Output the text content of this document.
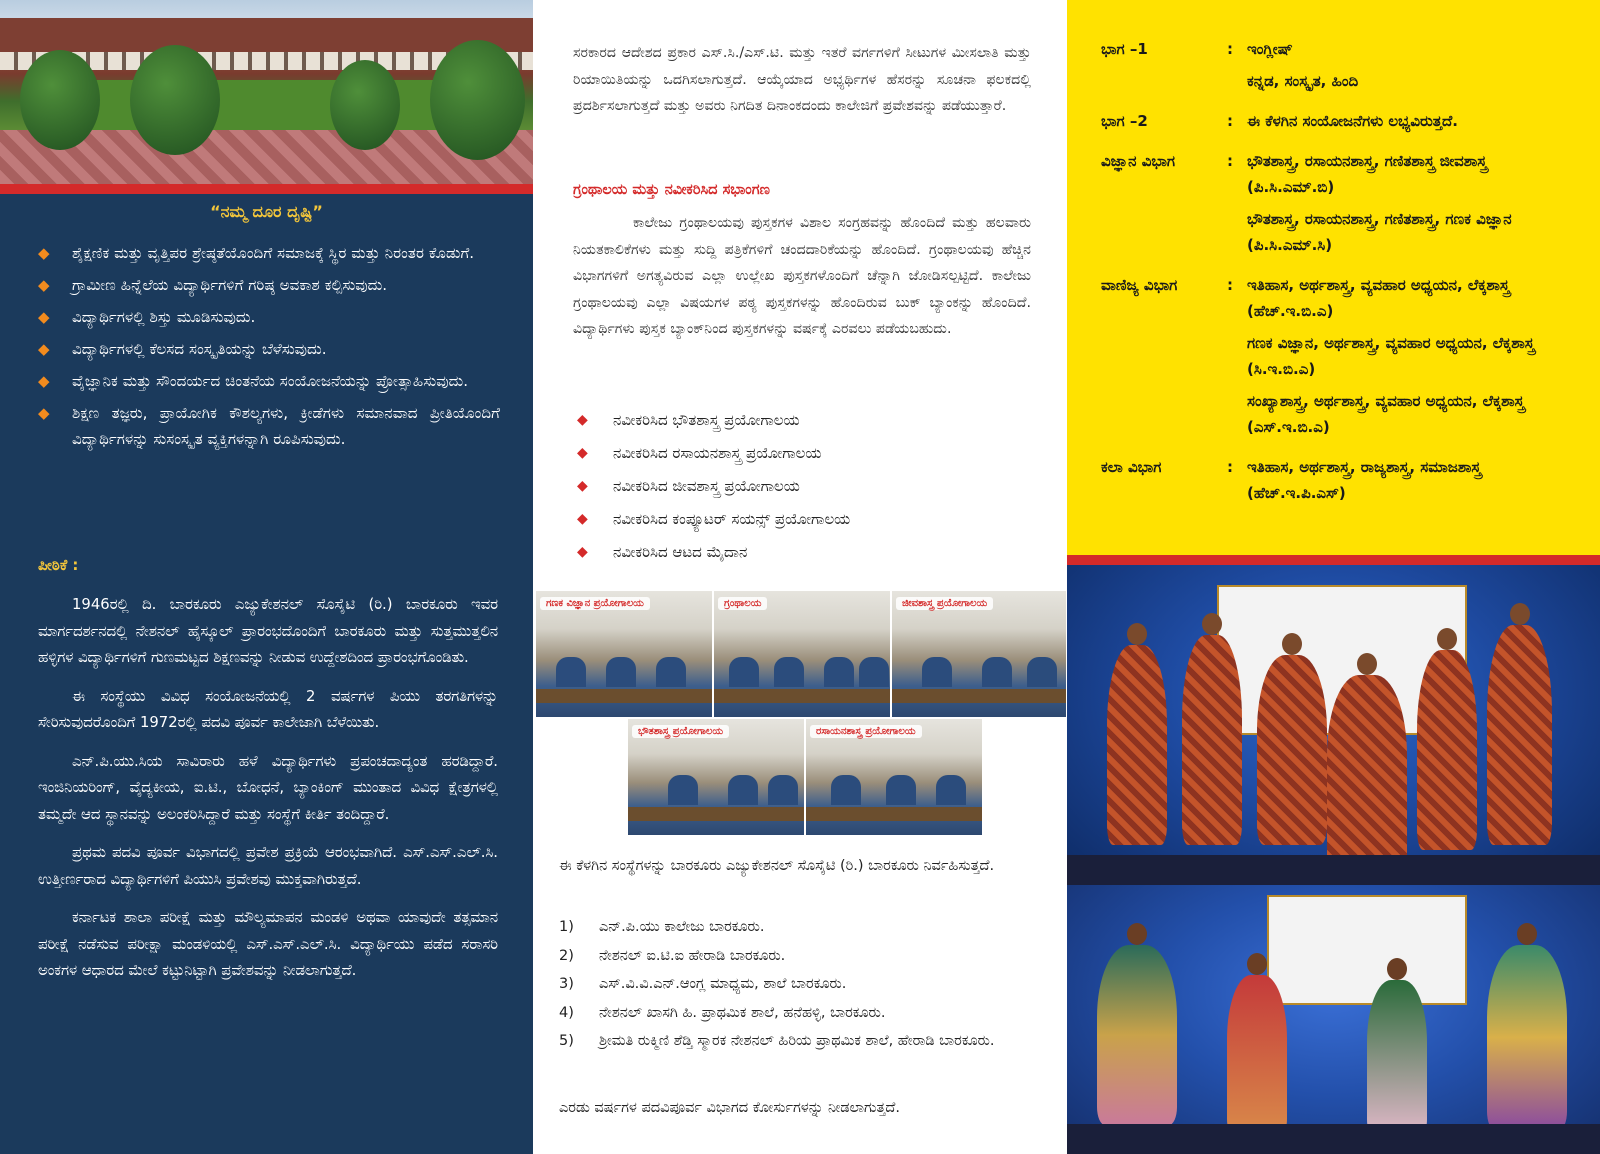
“ನಮ್ಮ ದೂರ ದೃಷ್ಟಿ”
◆ ಶೈಕ್ಷಣಿಕ ಮತ್ತು ವೃತ್ತಿಪರ ಶ್ರೇಷ್ಠತೆಯೊಂದಿಗೆ ಸಮಾಜಕ್ಕೆ ಸ್ಥಿರ ಮತ್ತು ನಿರಂತರ ಕೊಡುಗೆ.
◆ ಗ್ರಾಮೀಣ ಹಿನ್ನೆಲೆಯ ವಿದ್ಯಾರ್ಥಿಗಳಿಗೆ ಗರಿಷ್ಠ ಅವಕಾಶ ಕಲ್ಪಿಸುವುದು.
◆ ವಿದ್ಯಾರ್ಥಿಗಳಲ್ಲಿ ಶಿಸ್ತು ಮೂಡಿಸುವುದು.
◆ ವಿದ್ಯಾರ್ಥಿಗಳಲ್ಲಿ ಕೆಲಸದ ಸಂಸ್ಕೃತಿಯನ್ನು ಬೆಳೆಸುವುದು.
◆ ವೈಜ್ಞಾನಿಕ ಮತ್ತು ಸೌಂದರ್ಯದ ಚಿಂತನೆಯ ಸಂಯೋಜನೆಯನ್ನು ಪ್ರೋತ್ಸಾಹಿಸುವುದು.
◆ ಶಿಕ್ಷಣ ತಜ್ಞರು, ಪ್ರಾಯೋಗಿಕ ಕೌಶಲ್ಯಗಳು, ಕ್ರೀಡೆಗಳು ಸಮಾನವಾದ ಪ್ರೀತಿಯೊಂದಿಗೆ ವಿದ್ಯಾರ್ಥಿಗಳನ್ನು ಸುಸಂಸ್ಕೃತ ವ್ಯಕ್ತಿಗಳನ್ನಾಗಿ ರೂಪಿಸುವುದು.
ಪೀಠಿಕೆ :

1946ರಲ್ಲಿ ದಿ. ಬಾರಕೂರು ಎಜ್ಯುಕೇಶನಲ್ ಸೊಸೈಟಿ (ರಿ.) ಬಾರಕೂರು ಇವರ ಮಾರ್ಗದರ್ಶನದಲ್ಲಿ ನೇಶನಲ್ ಹೈಸ್ಕೂಲ್ ಪ್ರಾರಂಭದೊಂದಿಗೆ ಬಾರಕೂರು ಮತ್ತು ಸುತ್ತಮುತ್ತಲಿನ ಹಳ್ಳಿಗಳ ವಿದ್ಯಾರ್ಥಿಗಳಿಗೆ ಗುಣಮಟ್ಟದ ಶಿಕ್ಷಣವನ್ನು ನೀಡುವ ಉದ್ದೇಶದಿಂದ ಪ್ರಾರಂಭಗೊಂಡಿತು.

ಈ ಸಂಸ್ಥೆಯು ವಿವಿಧ ಸಂಯೋಜನೆಯಲ್ಲಿ 2 ವರ್ಷಗಳ ಪಿಯು ತರಗತಿಗಳನ್ನು ಸೇರಿಸುವುದರೊಂದಿಗೆ 1972ರಲ್ಲಿ ಪದವಿ ಪೂರ್ವ ಕಾಲೇಜಾಗಿ ಬೆಳೆಯಿತು.

ಎನ್.ಪಿ.ಯು.ಸಿಯ ಸಾವಿರಾರು ಹಳೆ ವಿದ್ಯಾರ್ಥಿಗಳು ಪ್ರಪಂಚದಾದ್ಯಂತ ಹರಡಿದ್ದಾರೆ. ಇಂಜಿನಿಯರಿಂಗ್, ವೈದ್ಯಕೀಯ, ಐ.ಟಿ., ಬೋಧನೆ, ಬ್ಯಾಂಕಿಂಗ್ ಮುಂತಾದ ವಿವಿಧ ಕ್ಷೇತ್ರಗಳಲ್ಲಿ ತಮ್ಮದೇ ಆದ ಸ್ಥಾನವನ್ನು ಅಲಂಕರಿಸಿದ್ದಾರೆ ಮತ್ತು ಸಂಸ್ಥೆಗೆ ಕೀರ್ತಿ ತಂದಿದ್ದಾರೆ.

ಪ್ರಥಮ ಪದವಿ ಪೂರ್ವ ವಿಭಾಗದಲ್ಲಿ ಪ್ರವೇಶ ಪ್ರಕ್ರಿಯೆ ಆರಂಭವಾಗಿದೆ. ಎಸ್.ಎಸ್.ಎಲ್.ಸಿ. ಉತ್ತೀರ್ಣರಾದ ವಿದ್ಯಾರ್ಥಿಗಳಿಗೆ ಪಿಯುಸಿ ಪ್ರವೇಶವು ಮುಕ್ತವಾಗಿರುತ್ತದೆ.

ಕರ್ನಾಟಕ ಶಾಲಾ ಪರೀಕ್ಷೆ ಮತ್ತು ಮೌಲ್ಯಮಾಪನ ಮಂಡಳಿ ಅಥವಾ ಯಾವುದೇ ತತ್ಸಮಾನ ಪರೀಕ್ಷೆ ನಡೆಸುವ ಪರೀಕ್ಷಾ ಮಂಡಳಿಯಲ್ಲಿ ಎಸ್.ಎಸ್.ಎಲ್.ಸಿ. ವಿದ್ಯಾರ್ಥಿಯು ಪಡೆದ ಸರಾಸರಿ ಅಂಕಗಳ ಆಧಾರದ ಮೇಲೆ ಕಟ್ಟುನಿಟ್ಟಾಗಿ ಪ್ರವೇಶವನ್ನು ನೀಡಲಾಗುತ್ತದೆ.

ಸರಕಾರದ ಆದೇಶದ ಪ್ರಕಾರ ಎಸ್.ಸಿ./ಎಸ್.ಟಿ. ಮತ್ತು ಇತರೆ ವರ್ಗಗಳಿಗೆ ಸೀಟುಗಳ ಮೀಸಲಾತಿ ಮತ್ತು ರಿಯಾಯಿತಿಯನ್ನು ಒದಗಿಸಲಾಗುತ್ತದೆ. ಆಯ್ಕೆಯಾದ ಅಭ್ಯರ್ಥಿಗಳ ಹೆಸರನ್ನು ಸೂಚನಾ ಫಲಕದಲ್ಲಿ ಪ್ರದರ್ಶಿಸಲಾಗುತ್ತದೆ ಮತ್ತು ಅವರು ನಿಗದಿತ ದಿನಾಂಕದಂದು ಕಾಲೇಜಿಗೆ ಪ್ರವೇಶವನ್ನು ಪಡೆಯುತ್ತಾರೆ.

ಗ್ರಂಥಾಲಯ ಮತ್ತು ನವೀಕರಿಸಿದ ಸಭಾಂಗಣ

ಕಾಲೇಜು ಗ್ರಂಥಾಲಯವು ಪುಸ್ತಕಗಳ ವಿಶಾಲ ಸಂಗ್ರಹವನ್ನು ಹೊಂದಿದೆ ಮತ್ತು ಹಲವಾರು ನಿಯತಕಾಲಿಕೆಗಳು ಮತ್ತು ಸುದ್ದಿ ಪತ್ರಿಕೆಗಳಿಗೆ ಚಂದದಾರಿಕೆಯನ್ನು ಹೊಂದಿದೆ. ಗ್ರಂಥಾಲಯವು ಹೆಚ್ಚಿನ ವಿಭಾಗಗಳಿಗೆ ಅಗತ್ಯವಿರುವ ಎಲ್ಲಾ ಉಲ್ಲೇಖ ಪುಸ್ತಕಗಳೊಂದಿಗೆ ಚೆನ್ನಾಗಿ ಜೋಡಿಸಲ್ಪಟ್ಟಿದೆ. ಕಾಲೇಜು ಗ್ರಂಥಾಲಯವು ಎಲ್ಲಾ ವಿಷಯಗಳ ಪಠ್ಯ ಪುಸ್ತಕಗಳನ್ನು ಹೊಂದಿರುವ ಬುಕ್ ಬ್ಯಾಂಕನ್ನು ಹೊಂದಿದೆ. ವಿದ್ಯಾರ್ಥಿಗಳು ಪುಸ್ತಕ ಬ್ಯಾಂಕ್‌ನಿಂದ ಪುಸ್ತಕಗಳನ್ನು ವರ್ಷಕ್ಕೆ ಎರವಲು ಪಡೆಯಬಹುದು.

◆ ನವೀಕರಿಸಿದ ಭೌತಶಾಸ್ತ್ರ ಪ್ರಯೋಗಾಲಯ
◆ ನವೀಕರಿಸಿದ ರಸಾಯನಶಾಸ್ತ್ರ ಪ್ರಯೋಗಾಲಯ
◆ ನವೀಕರಿಸಿದ ಜೀವಶಾಸ್ತ್ರ ಪ್ರಯೋಗಾಲಯ
◆ ನವೀಕರಿಸಿದ ಕಂಪ್ಯೂಟರ್ ಸಯನ್ಸ್ ಪ್ರಯೋಗಾಲಯ
◆ ನವೀಕರಿಸಿದ ಆಟದ ಮೈದಾನ
ಗಣಕ ವಿಜ್ಞಾನ ಪ್ರಯೋಗಾಲಯ	ಗ್ರಂಥಾಲಯ	ಜೀವಶಾಸ್ತ್ರ ಪ್ರಯೋಗಾಲಯ
ಭೌತಶಾಸ್ತ್ರ ಪ್ರಯೋಗಾಲಯ	ರಸಾಯನಶಾಸ್ತ್ರ ಪ್ರಯೋಗಾಲಯ

ಈ ಕೆಳಗಿನ ಸಂಸ್ಥೆಗಳನ್ನು ಬಾರಕೂರು ಎಜ್ಯುಕೇಶನಲ್ ಸೊಸೈಟಿ (ರಿ.) ಬಾರಕೂರು ನಿರ್ವಹಿಸುತ್ತದೆ.

1)	ಎನ್.ಪಿ.ಯು ಕಾಲೇಜು ಬಾರಕೂರು.
2)	ನೇಶನಲ್ ಐ.ಟಿ.ಐ ಹೇರಾಡಿ ಬಾರಕೂರು.
3)	ಎಸ್.ವಿ.ವಿ.ಎನ್.ಆಂಗ್ಲ ಮಾಧ್ಯಮ, ಶಾಲೆ ಬಾರಕೂರು.
4)	ನೇಶನಲ್ ಖಾಸಗಿ ಹಿ. ಪ್ರಾಥಮಿಕ ಶಾಲೆ, ಹನೆಹಳ್ಳಿ, ಬಾರಕೂರು.
5)	ಶ್ರೀಮತಿ ರುಕ್ಮಿಣಿ ಶೆಡ್ತಿ ಸ್ಮಾರಕ ನೇಶನಲ್ ಹಿರಿಯ ಪ್ರಾಥಮಿಕ ಶಾಲೆ, ಹೇರಾಡಿ ಬಾರಕೂರು.

ಎರಡು ವರ್ಷಗಳ ಪದವಿಪೂರ್ವ ವಿಭಾಗದ ಕೋರ್ಸುಗಳನ್ನು ನೀಡಲಾಗುತ್ತದೆ.

ಭಾಗ –1	:	ಇಂಗ್ಲೀಷ್
ಕನ್ನಡ, ಸಂಸ್ಕೃತ, ಹಿಂದಿ

ಭಾಗ –2	:	ಈ ಕೆಳಗಿನ ಸಂಯೋಜನೆಗಳು ಲಭ್ಯವಿರುತ್ತದೆ.

ವಿಜ್ಞಾನ ವಿಭಾಗ	:	ಭೌತಶಾಸ್ತ್ರ, ರಸಾಯನಶಾಸ್ತ್ರ, ಗಣಿತಶಾಸ್ತ್ರ ಜೀವಶಾಸ್ತ್ರ (ಪಿ.ಸಿ.ಎಮ್.ಬಿ)
ಭೌತಶಾಸ್ತ್ರ, ರಸಾಯನಶಾಸ್ತ್ರ, ಗಣಿತಶಾಸ್ತ್ರ, ಗಣಕ ವಿಜ್ಞಾನ (ಪಿ.ಸಿ.ಎಮ್.ಸಿ)

ವಾಣಿಜ್ಯ ವಿಭಾಗ	:	ಇತಿಹಾಸ, ಅರ್ಥಶಾಸ್ತ್ರ, ವ್ಯವಹಾರ ಅಧ್ಯಯನ, ಲೆಕ್ಕಶಾಸ್ತ್ರ (ಹೆಚ್.ಇ.ಬಿ.ಎ)
ಗಣಕ ವಿಜ್ಞಾನ, ಅರ್ಥಶಾಸ್ತ್ರ, ವ್ಯವಹಾರ ಅಧ್ಯಯನ, ಲೆಕ್ಕಶಾಸ್ತ್ರ (ಸಿ.ಇ.ಬಿ.ಎ)
ಸಂಖ್ಯಾಶಾಸ್ತ್ರ, ಅರ್ಥಶಾಸ್ತ್ರ, ವ್ಯವಹಾರ ಅಧ್ಯಯನ, ಲೆಕ್ಕಶಾಸ್ತ್ರ (ಎಸ್.ಇ.ಬಿ.ಎ)

ಕಲಾ ವಿಭಾಗ	:	ಇತಿಹಾಸ, ಅರ್ಥಶಾಸ್ತ್ರ, ರಾಜ್ಯಶಾಸ್ತ್ರ, ಸಮಾಜಶಾಸ್ತ್ರ (ಹೆಚ್.ಇ.ಪಿ.ಎಸ್)
